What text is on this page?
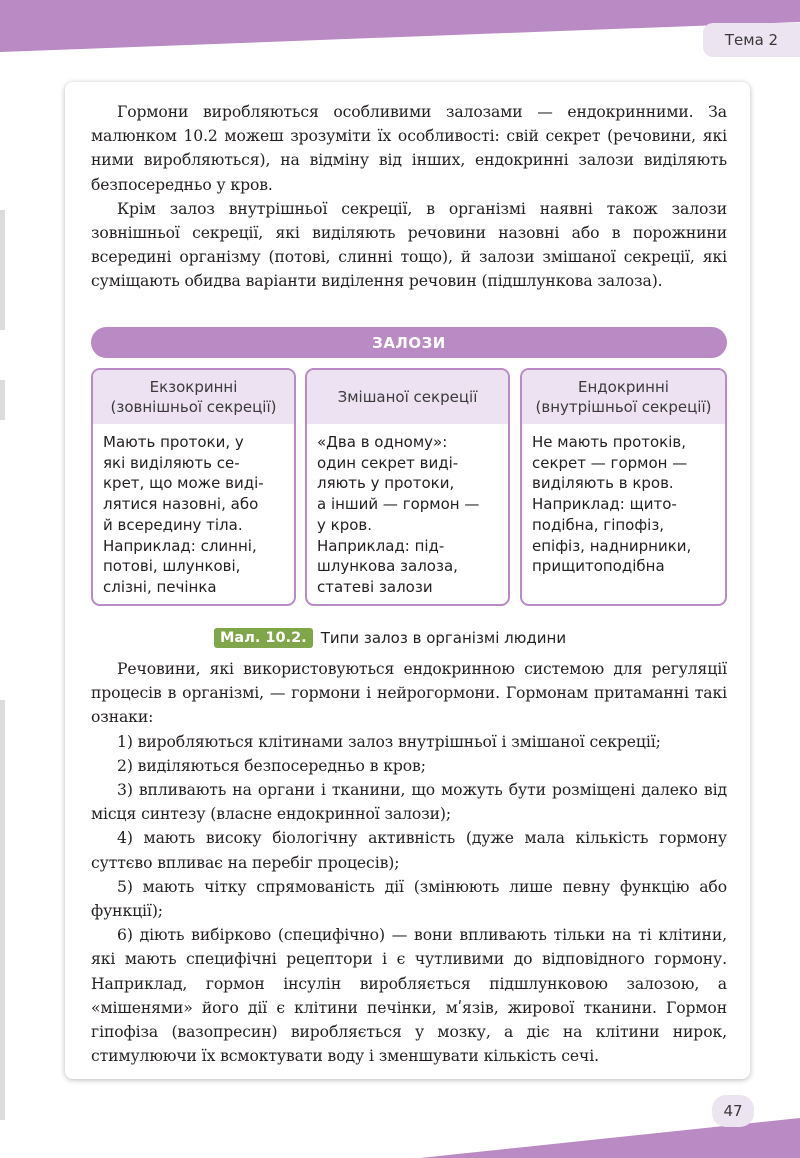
Тема 2

Гормони виробляються особливими залозами — ендокринними. За малюнком 10.2 можеш зрозуміти їх особливості: свій секрет (речовини, які ними виробляються), на відміну від інших, ендокринні залози виділяють безпосередньо у кров.

Крім залоз внутрішньої секреції, в організмі наявні також залози зовнішньої секреції, які виділяють речовини назовні або в порожнини всередині організму (потові, слинні тощо), й залози змішаної секреції, які суміщають обидва варіанти виділення речовин (підшлункова залоза).

ЗАЛОЗИ
Екзокринні
(зовнішньої секреції)
Мають протоки, у
які виділяють се-
крет, що може виді-
лятися назовні, або
й всередину тіла.
Наприклад: слинні,
потові, шлункові,
слізні, печінка
Змішаної секреції
«Два в одному»:
один секрет виді-
ляють у протоки,
а інший — гормон —
у кров.
Наприклад: під-
шлункова залоза,
статеві залози
Ендокринні
(внутрішньої секреції)
Не мають протоків,
секрет — гормон —
виділяють в кров.
Наприклад: щито-
подібна, гіпофіз,
епіфіз, наднирники,
прищитоподібна
Мал. 10.2. Типи залоз в організмі людини

Речовини, які використовуються ендокринною системою для регуляції процесів в організмі, — гормони і нейрогормони. Гормонам притаманні такі ознаки:

1) виробляються клітинами залоз внутрішньої і змішаної секреції;

2) виділяються безпосередньо в кров;

3) впливають на органи і тканини, що можуть бути розміщені далеко від місця синтезу (власне ендокринної залози);

4) мають високу біологічну активність (дуже мала кількість гормону суттєво впливає на перебіг процесів);

5) мають чітку спрямованість дії (змінюють лише певну функцію або функції);

6) діють вибірково (специфічно) — вони впливають тільки на ті клітини, які мають специфічні рецептори і є чутливими до відповідного гормону. Наприклад, гормон інсулін виробляється підшлунковою залозою, а «мішенями» його дії є клітини печінки, мʹязів, жирової тканини. Гормон гіпофіза (вазопресин) виробляється у мозку, а діє на клітини нирок, стимулюючи їх всмоктувати воду і зменшувати кількість сечі.

47
